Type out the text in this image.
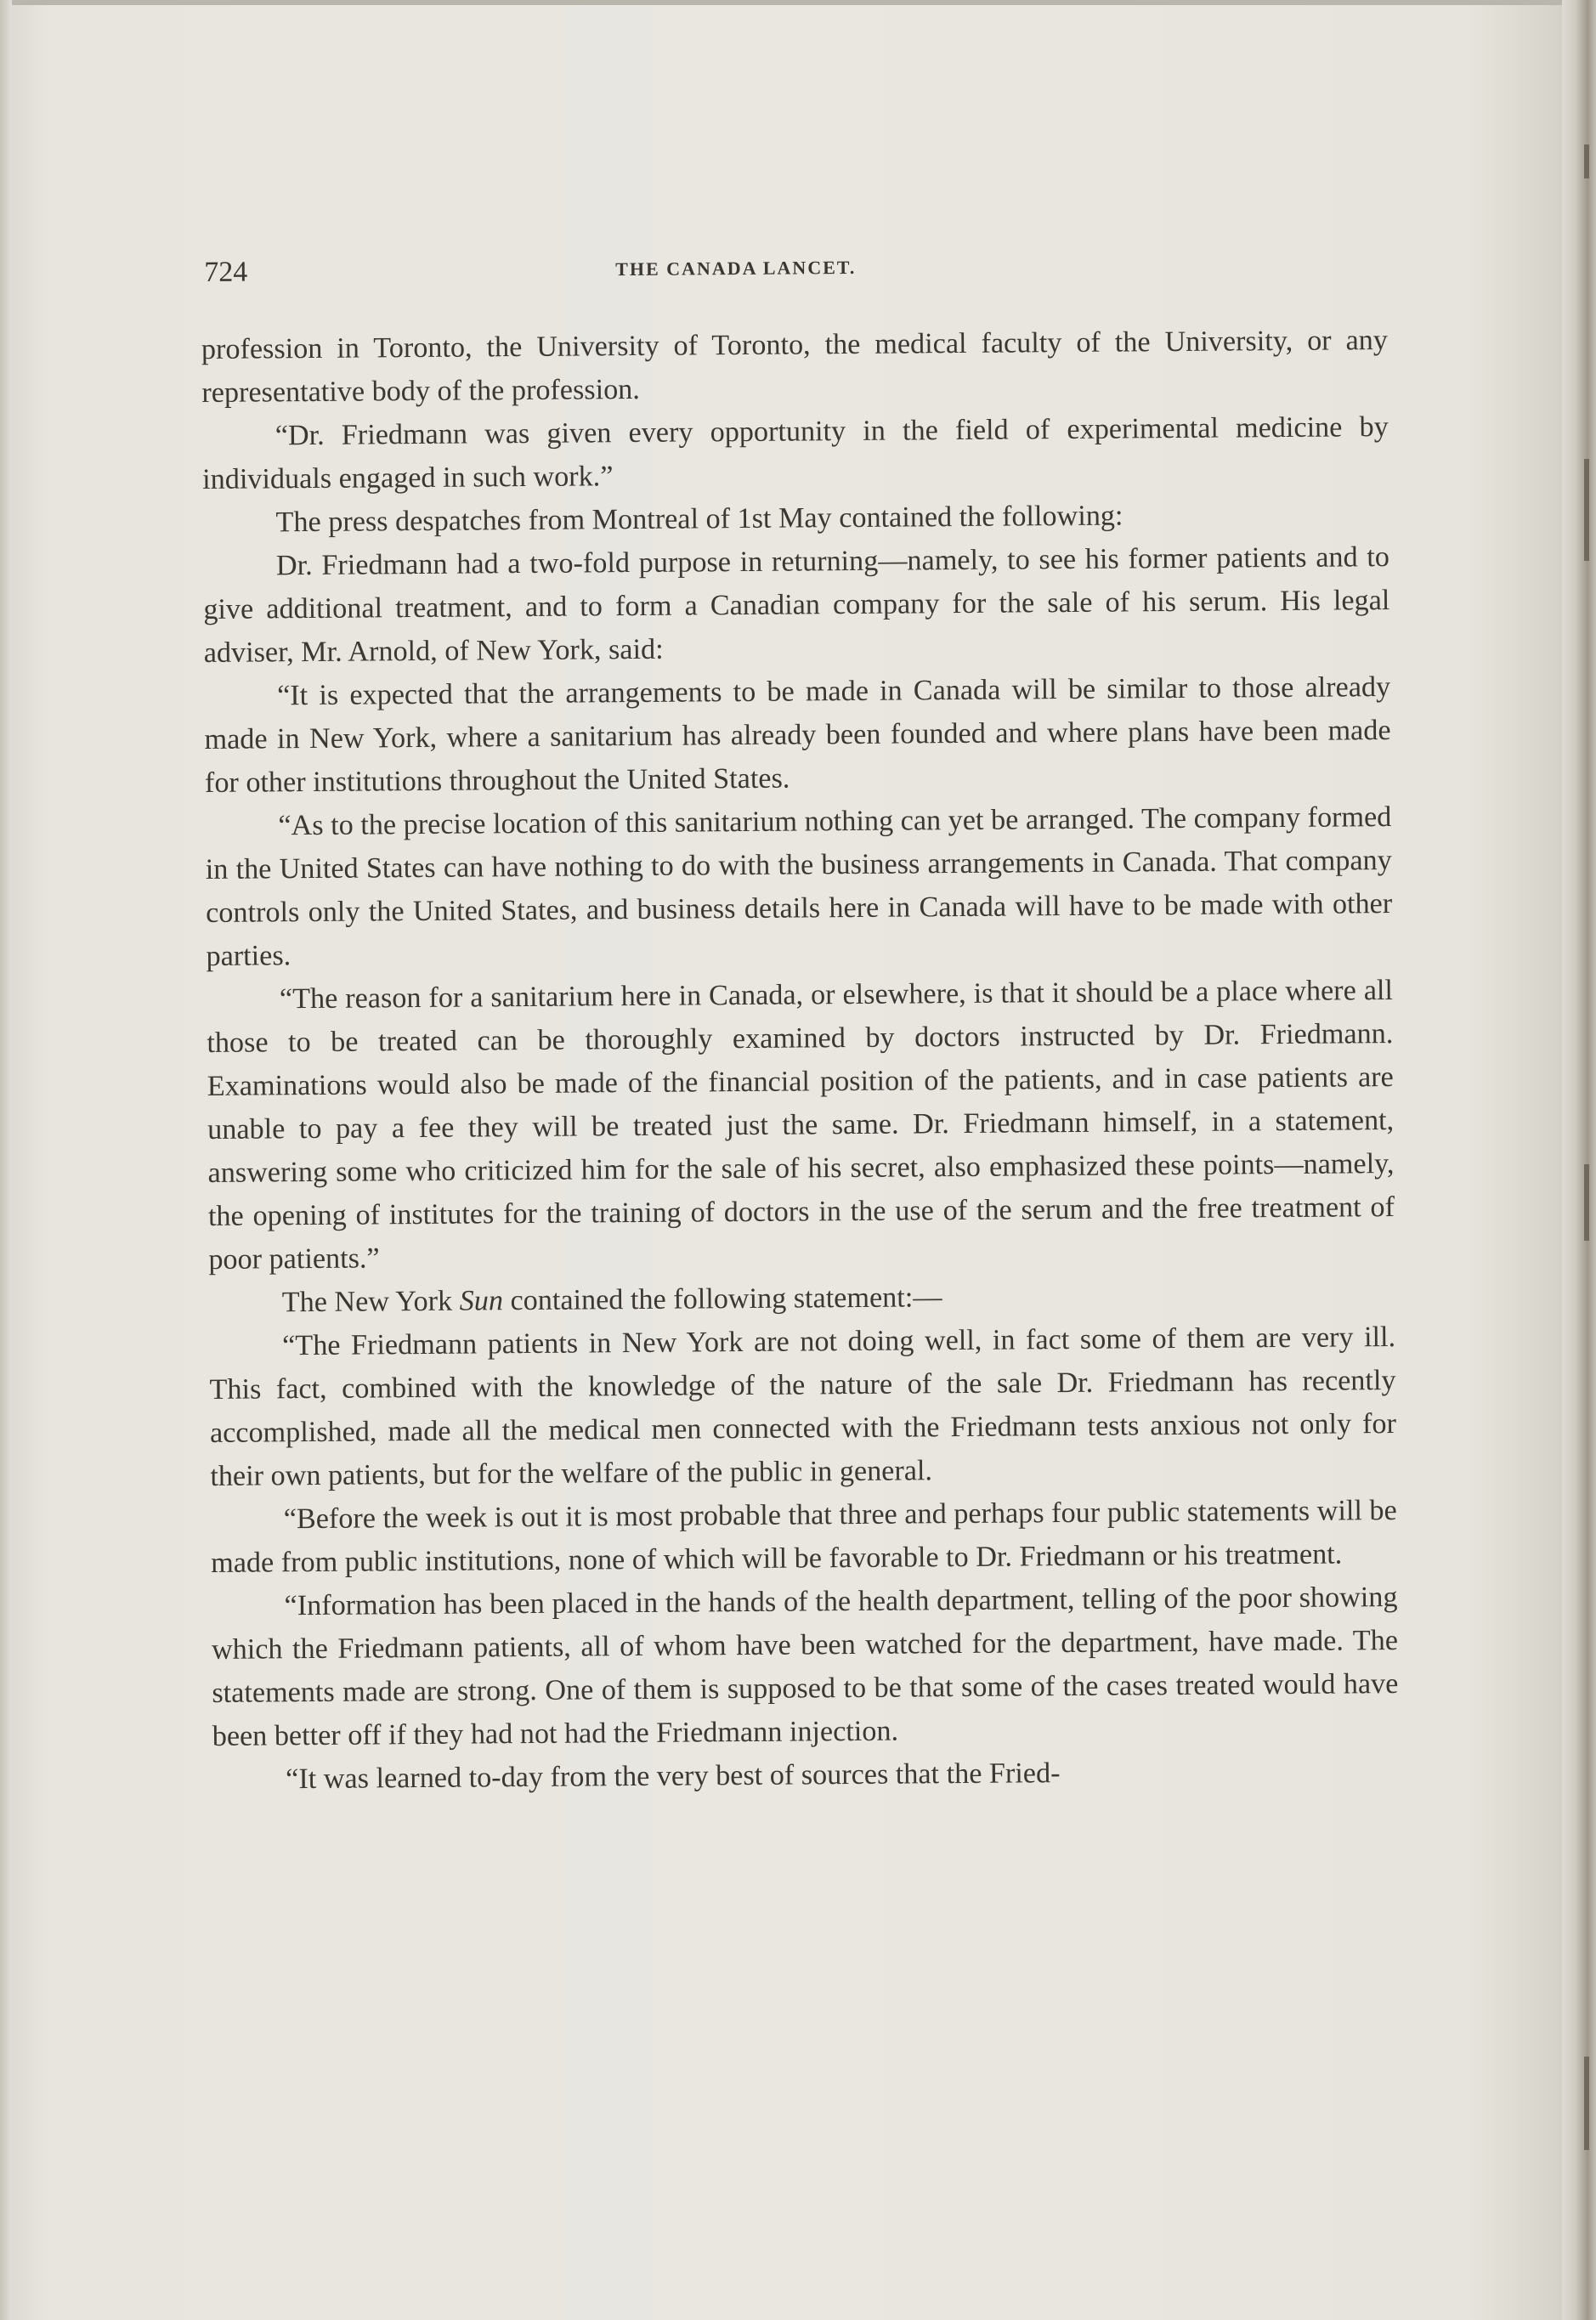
724	THE CANADA LANCET.

profession in Toronto, the University of Toronto, the medical faculty of the University, or any representative body of the profession.

“Dr. Friedmann was given every opportunity in the field of experimental medicine by individuals engaged in such work.”

The press despatches from Montreal of 1st May contained the following:

Dr. Friedmann had a two-fold purpose in returning—namely, to see his former patients and to give additional treatment, and to form a Canadian company for the sale of his serum. His legal adviser, Mr. Arnold, of New York, said:

“It is expected that the arrangements to be made in Canada will be similar to those already made in New York, where a sanitarium has already been founded and where plans have been made for other institutions throughout the United States.

“As to the precise location of this sanitarium nothing can yet be arranged. The company formed in the United States can have nothing to do with the business arrangements in Canada. That company controls only the United States, and business details here in Canada will have to be made with other parties.

“The reason for a sanitarium here in Canada, or elsewhere, is that it should be a place where all those to be treated can be thoroughly examined by doctors instructed by Dr. Friedmann. Examinations would also be made of the financial position of the patients, and in case patients are unable to pay a fee they will be treated just the same. Dr. Friedmann himself, in a statement, answering some who criticized him for the sale of his secret, also emphasized these points—namely, the opening of institutes for the training of doctors in the use of the serum and the free treatment of poor patients.”

The New York Sun contained the following statement:—

“The Friedmann patients in New York are not doing well, in fact some of them are very ill. This fact, combined with the knowledge of the nature of the sale Dr. Friedmann has recently accomplished, made all the medical men connected with the Friedmann tests anxious not only for their own patients, but for the welfare of the public in general.

“Before the week is out it is most probable that three and perhaps four public statements will be made from public institutions, none of which will be favorable to Dr. Friedmann or his treatment.

“Information has been placed in the hands of the health department, telling of the poor showing which the Friedmann patients, all of whom have been watched for the department, have made. The statements made are strong. One of them is supposed to be that some of the cases treated would have been better off if they had not had the Friedmann injection.

“It was learned to-day from the very best of sources that the Fried-
